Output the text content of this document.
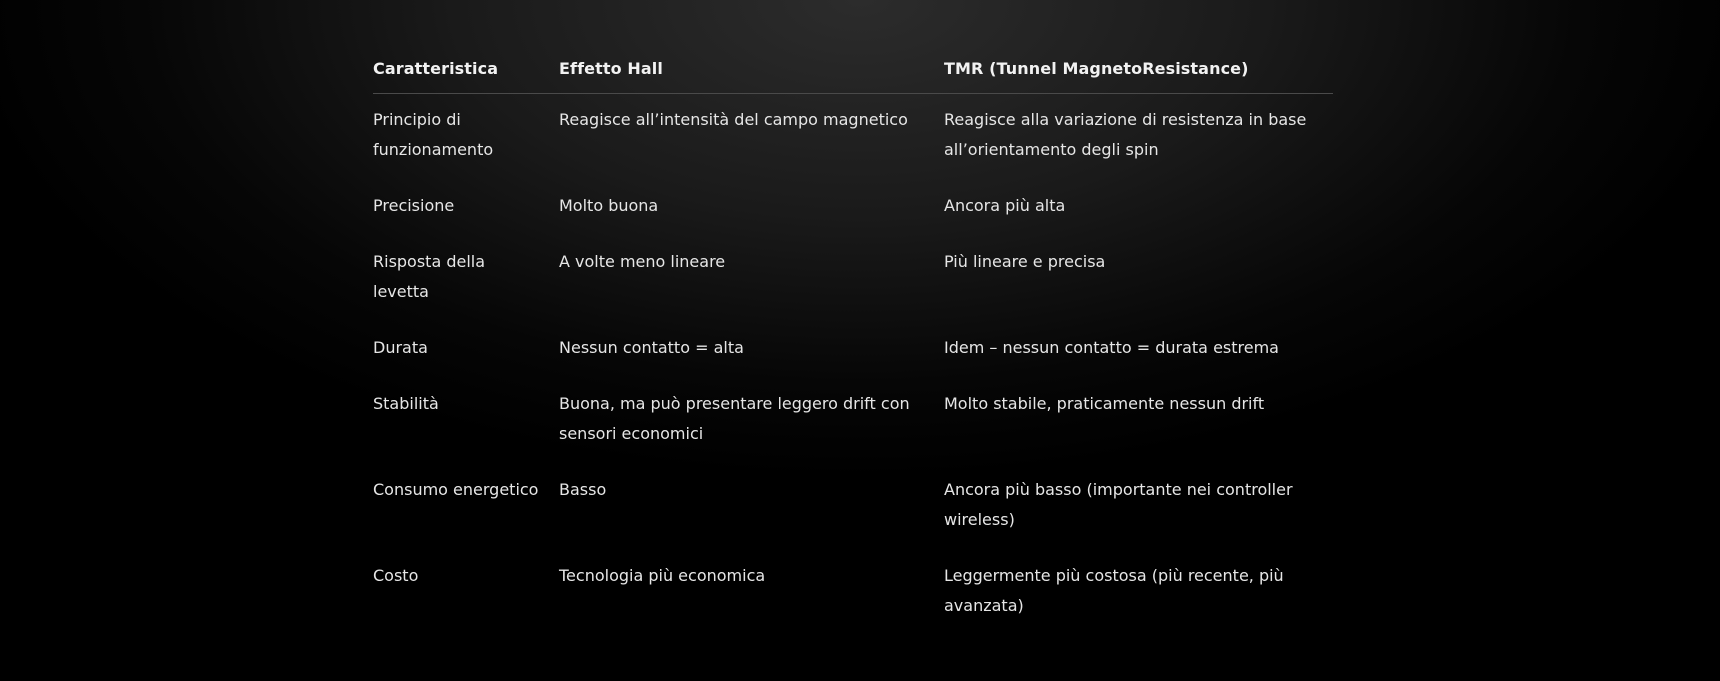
Caratteristica	Effetto Hall	TMR (Tunnel MagnetoResistance)
Principio di funzionamento	Reagisce all’intensità del campo magnetico	Reagisce alla variazione di resistenza in base all’orientamento degli spin
Precisione	Molto buona	Ancora più alta
Risposta della levetta	A volte meno lineare	Più lineare e precisa
Durata	Nessun contatto = alta	Idem – nessun contatto = durata estrema
Stabilità	Buona, ma può presentare leggero drift con sensori economici	Molto stabile, praticamente nessun drift
Consumo energetico	Basso	Ancora più basso (importante nei controller wireless)
Costo	Tecnologia più economica	Leggermente più costosa (più recente, più avanzata)
